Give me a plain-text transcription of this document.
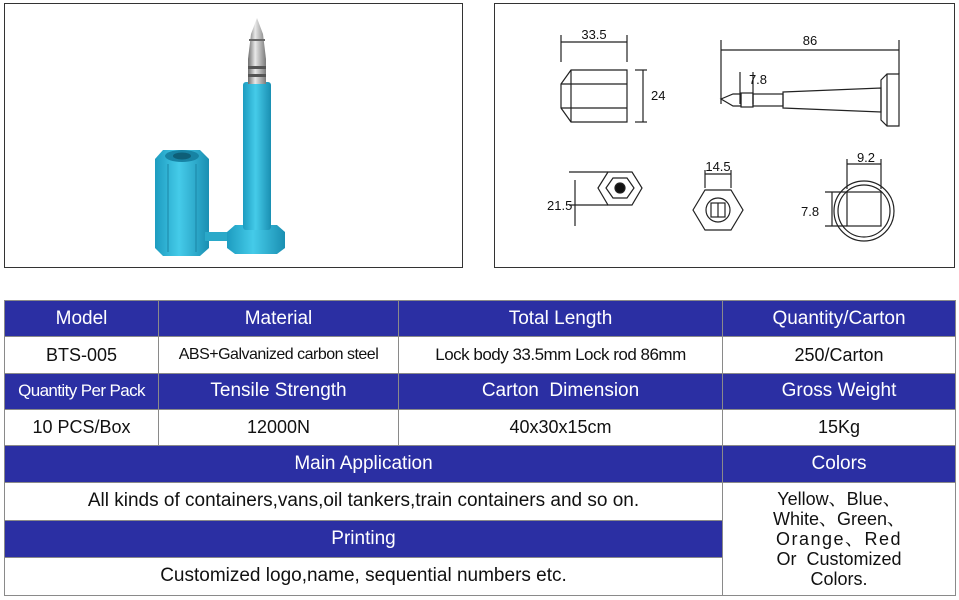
33.5
24
86
7.8
21.5
14.5
9.2
7.8
Model	Material	Total Length	Quantity/Carton
BTS-005	ABS+Galvanized carbon steel	Lock body 33.5mm Lock rod 86mm	250/Carton
Quantity Per Pack	Tensile Strength	Carton  Dimension	Gross Weight
10 PCS/Box	12000N	40x30x15cm	15Kg
Main Application			Colors
All kinds of containers,vans,oil tankers,train containers and so on.			Yellow、Blue、
White、Green、
Orange、Red
Or  Customized
Colors.

Printing			
Customized logo,name, sequential numbers etc.			
